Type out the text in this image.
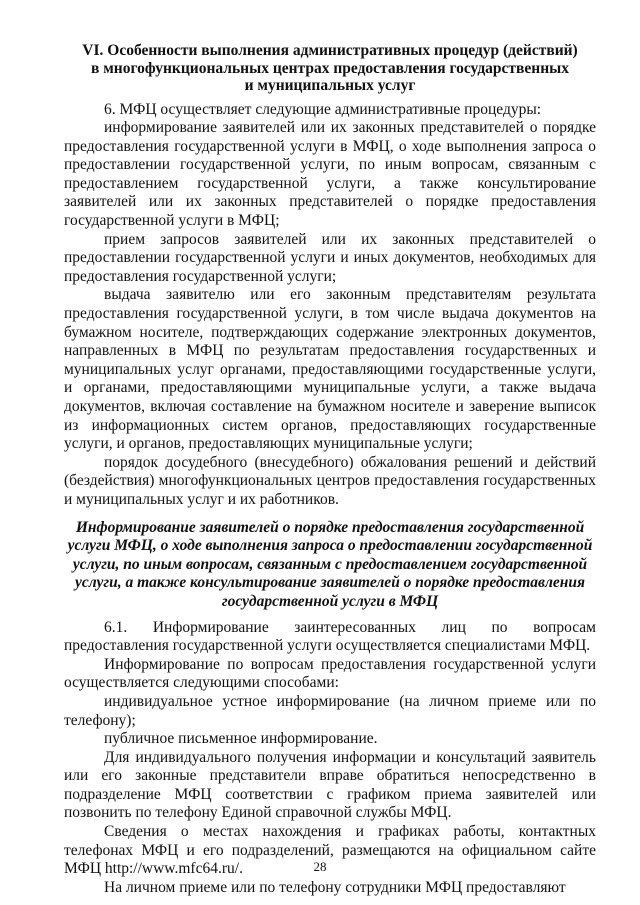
VI. Особенности выполнения административных процедур (действий)
в многофункциональных центрах предоставления государственных
и муниципальных услуг

6. МФЦ осуществляет следующие административные процедуры:

информирование заявителей или их законных представителей о порядке предоставления государственной услуги в МФЦ, о ходе выполнения запроса о предоставлении государственной услуги, по иным вопросам, связанным с предоставлением государственной услуги, а также консультирование заявителей или их законных представителей о порядке предоставления государственной услуги в МФЦ;

прием запросов заявителей или их законных представителей о предоставлении государственной услуги и иных документов, необходимых для предоставления государственной услуги;

выдача заявителю или его законным представителям результата предоставления государственной услуги, в том числе выдача документов на бумажном носителе, подтверждающих содержание электронных документов, направленных в МФЦ по результатам предоставления государственных и муниципальных услуг органами, предоставляющими государственные услуги, и органами, предоставляющими муниципальные услуги, а также выдача документов, включая составление на бумажном носителе и заверение выписок из информационных систем органов, предоставляющих государственные услуги, и органов, предоставляющих муниципальные услуги;

порядок досудебного (внесудебного) обжалования решений и действий (бездействия) многофункциональных центров предоставления государственных и муниципальных услуг и их работников.

Информирование заявителей о порядке предоставления государственной
услуги МФЦ, о ходе выполнения запроса о предоставлении государственной
услуги, по иным вопросам, связанным с предоставлением государственной
услуги, а также консультирование заявителей о порядке предоставления
государственной услуги в МФЦ

6.1. Информирование заинтересованных лиц по вопросам предоставления государственной услуги осуществляется специалистами МФЦ.

Информирование по вопросам предоставления государственной услуги осуществляется следующими способами:

индивидуальное устное информирование (на личном приеме или по телефону);

публичное письменное информирование.

Для индивидуального получения информации и консультаций заявитель или его законные представители вправе обратиться непосредственно в подразделение МФЦ соответствии с графиком приема заявителей или позвонить по телефону Единой справочной службы МФЦ.

Сведения о местах нахождения и графиках работы, контактных телефонах МФЦ и его подразделений, размещаются на официальном сайте МФЦ http://www.mfc64.ru/.

На личном приеме или по телефону сотрудники МФЦ предоставляют

28
